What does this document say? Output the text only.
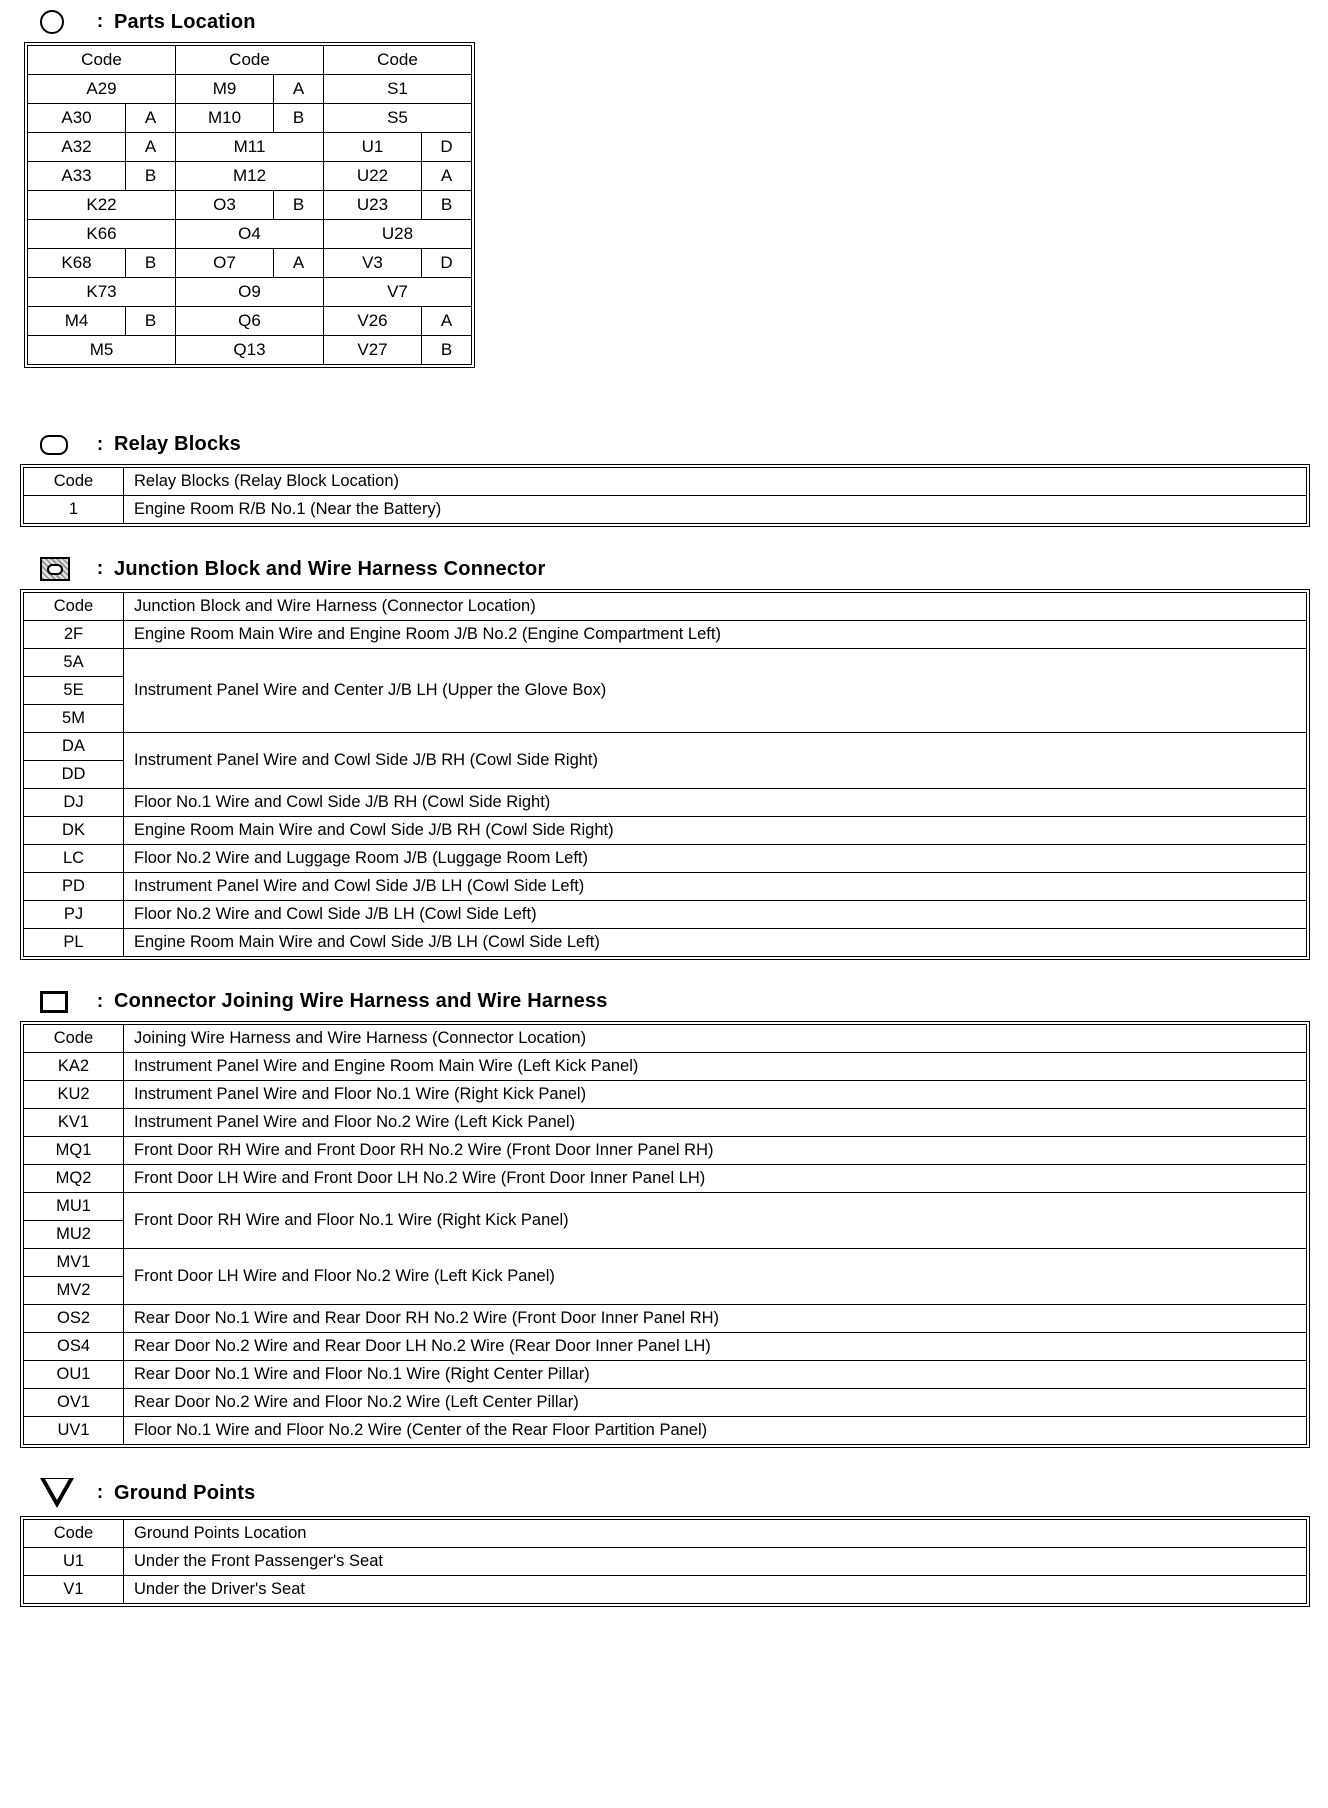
: Parts Location
Code		Code		Code	
A29		M9	A	S1	
A30	A	M10	B	S5	
A32	A	M11		U1	D
A33	B	M12		U22	A
K22		O3	B	U23	B
K66		O4		U28	
K68	B	O7	A	V3	D
K73		O9		V7	
M4	B	Q6		V26	A
M5		Q13		V27	B
: Relay Blocks
Code	Relay Blocks (Relay Block Location)
1	Engine Room R/B No.1 (Near the Battery)
: Junction Block and Wire Harness Connector
Code	Junction Block and Wire Harness (Connector Location)
2F	Engine Room Main Wire and Engine Room J/B No.2 (Engine Compartment Left)
5A	Instrument Panel Wire and Center J/B LH (Upper the Glove Box)
5E	
5M	
DA	Instrument Panel Wire and Cowl Side J/B RH (Cowl Side Right)
DD	
DJ	Floor No.1 Wire and Cowl Side J/B RH (Cowl Side Right)
DK	Engine Room Main Wire and Cowl Side J/B RH (Cowl Side Right)
LC	Floor No.2 Wire and Luggage Room J/B (Luggage Room Left)
PD	Instrument Panel Wire and Cowl Side J/B LH (Cowl Side Left)
PJ	Floor No.2 Wire and Cowl Side J/B LH (Cowl Side Left)
PL	Engine Room Main Wire and Cowl Side J/B LH (Cowl Side Left)
: Connector Joining Wire Harness and Wire Harness
Code	Joining Wire Harness and Wire Harness (Connector Location)
KA2	Instrument Panel Wire and Engine Room Main Wire (Left Kick Panel)
KU2	Instrument Panel Wire and Floor No.1 Wire (Right Kick Panel)
KV1	Instrument Panel Wire and Floor No.2 Wire (Left Kick Panel)
MQ1	Front Door RH Wire and Front Door RH No.2 Wire (Front Door Inner Panel RH)
MQ2	Front Door LH Wire and Front Door LH No.2 Wire (Front Door Inner Panel LH)
MU1	Front Door RH Wire and Floor No.1 Wire (Right Kick Panel)
MU2	
MV1	Front Door LH Wire and Floor No.2 Wire (Left Kick Panel)
MV2	
OS2	Rear Door No.1 Wire and Rear Door RH No.2 Wire (Front Door Inner Panel RH)
OS4	Rear Door No.2 Wire and Rear Door LH No.2 Wire (Rear Door Inner Panel LH)
OU1	Rear Door No.1 Wire and Floor No.1 Wire (Right Center Pillar)
OV1	Rear Door No.2 Wire and Floor No.2 Wire (Left Center Pillar)
UV1	Floor No.1 Wire and Floor No.2 Wire (Center of the Rear Floor Partition Panel)
: Ground Points
Code	Ground Points Location
U1	Under the Front Passenger's Seat
V1	Under the Driver's Seat
